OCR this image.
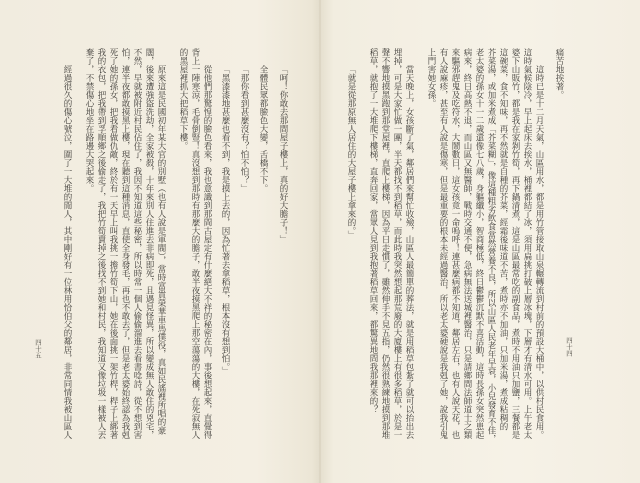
「呵！你敢去那間屋子樓上，真的好大膽子！」
全體民眾都臉色大變，舌橋不下。
「那你看到甚麼沒有？怕不怕？」
「黑漆漆地甚麼也看不到，我是摸上去的，因為忙著去拿稻草，根本沒有想到怕。」
從他們那驚惶的臉色看來，我也意識到那間古屋定有什麼絕大不祥的秘密在內，事後想起來，直覺得
背上一陣寒涼，毛骨倒豎！真沒想到那時有那麼大的膽子，敢半夜摸黑爬上那空蕩蕩的大樓，在死寂無人
的黑屋裡抓大把稻草下樓。
原來這是民國初年某大官的別墅（也有人說是軍閥），當時富貴榮華車馬僕役，真如民謠裡所唱的豪
闊，後來遭強盜洗劫，全家被殺，十年來別人住進去非病即死，且遇見怪異，所以變成無人敢住的兇宅，
不然，早就被附近村民佔住了，我因不知道這些秘密，所以時常一個人偷偷溜進去看書唸詩，從不想到害
怕，連半夜都敢摸黑上樓，現在聽到這種消息，直使全身發毛，再也不敢去了，但是老太婆始終認為我剋
死了她的孫女，把我看做仇敵，終於有一天早上叫我挑一擔竹筍下山，她在後面挑一架竹桿，桿子上綁著
我的衣包，把我帶到孚順鄉之後偷走了，我把竹筍賣掉之後找不到她和村民，我知道又像垃圾一樣被人丟
棄了，不禁傷心地坐在路邊大哭起來。
經過很久的傷心號泣，圍了一大堆的閒人，其中剛好有一位林用恰伯父的鄰居，非常同情我被山區人
四十五
痛苦地挨著。
這時已是十二月天氣，山區用水，都是用竹管接取山泉輾轉流到村前的預設大桶中，以供村民食用。
這時氣候陰冷，早上起床去挨水，桶裡都結了冰，須用扁挑打破上層冰塊，下層才有清水可用。上午老太
婆下山販竹，都是我在家剝竹筍，再下鍋清煮，這是山區最常吃的副食品，煮時不用油只加鹽，三餐都是
這碗菜，食不知味，再不然就是自種的芥菜，經霜後味道不苦，煮時亦不加油，只加米湯，煮成粘稠的
芥菜湯，或加米煮成「芥菜糊」，像這種粗劣飲食當然營養不良，所以山區人民老年早衰，小兒發育不佳，
老太婆的孫女十一二歲還像七八歲，身軀纖小，智商極低，終日鬱鬱沉默不喜活動，這時長孫女突然患起
病來，終日高熱不退，而山區又無醫師，戰時交通不便，急病無法送城裡醫治，只是請鄉間法師道士之類
來驅邪趕鬼及吃符水，大鬧數日，這女孩竟一命嗚呼！連甚麼病都不知道，鄰居左右，也有人說天花，也
有人說麻疹，甚至有人說是傷寒，但是最重要的根本未經過醫治，所以老太婆硬說是我剋了她，說我引鬼
上門害她女孫。
當天晚上，女孩斷了氣，鄰居們來幫忙收殮，山區人最簡單的葬法，就是用稻草包紮了就可以抬出去
埋掉，可是大家忙做一團，半天都找不到稻草，而此時我突然想起那荒廢的大廈樓上有很多稻草，於是一
聲不響地摸黑跑到那堂屋裡，直爬上樓梯，因為平日走慣了，雖然伸手不見五指，仍然很熟練地摸到那堆
稻草，就抱了一大堆爬下樓梯，直奔回家，當眾人見到我抱著稻草回來，都驚異地問我那裡來的？
「就是從那原無人居住的大屋子樓上拿來的。」
四十四
